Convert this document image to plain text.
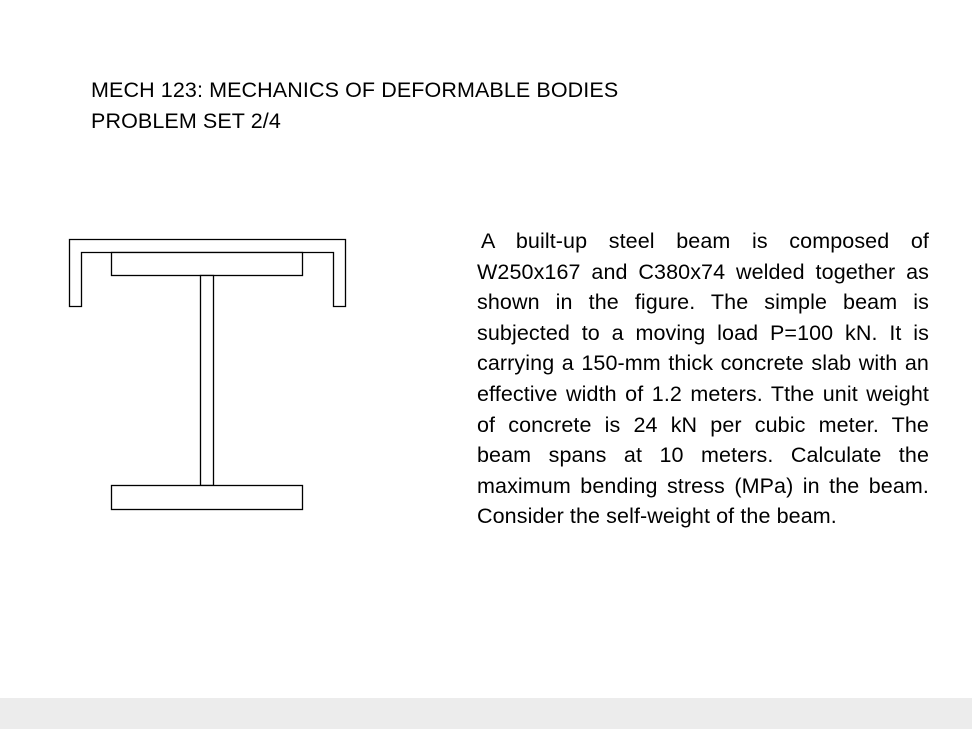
MECH 123: MECHANICS OF DEFORMABLE BODIES
PROBLEM SET 2/4
A built-up steel beam is composed of W250x167 and C380x74 welded together as shown in the figure. The simple beam is subjected to a moving load P=100 kN. It is carrying a 150-mm thick concrete slab with an effective width of 1.2 meters. Tthe unit weight of concrete is 24 kN per cubic meter. The beam spans at 10 meters. Calculate the maximum bending stress (MPa) in the beam. Consider the self-weight of the beam.
